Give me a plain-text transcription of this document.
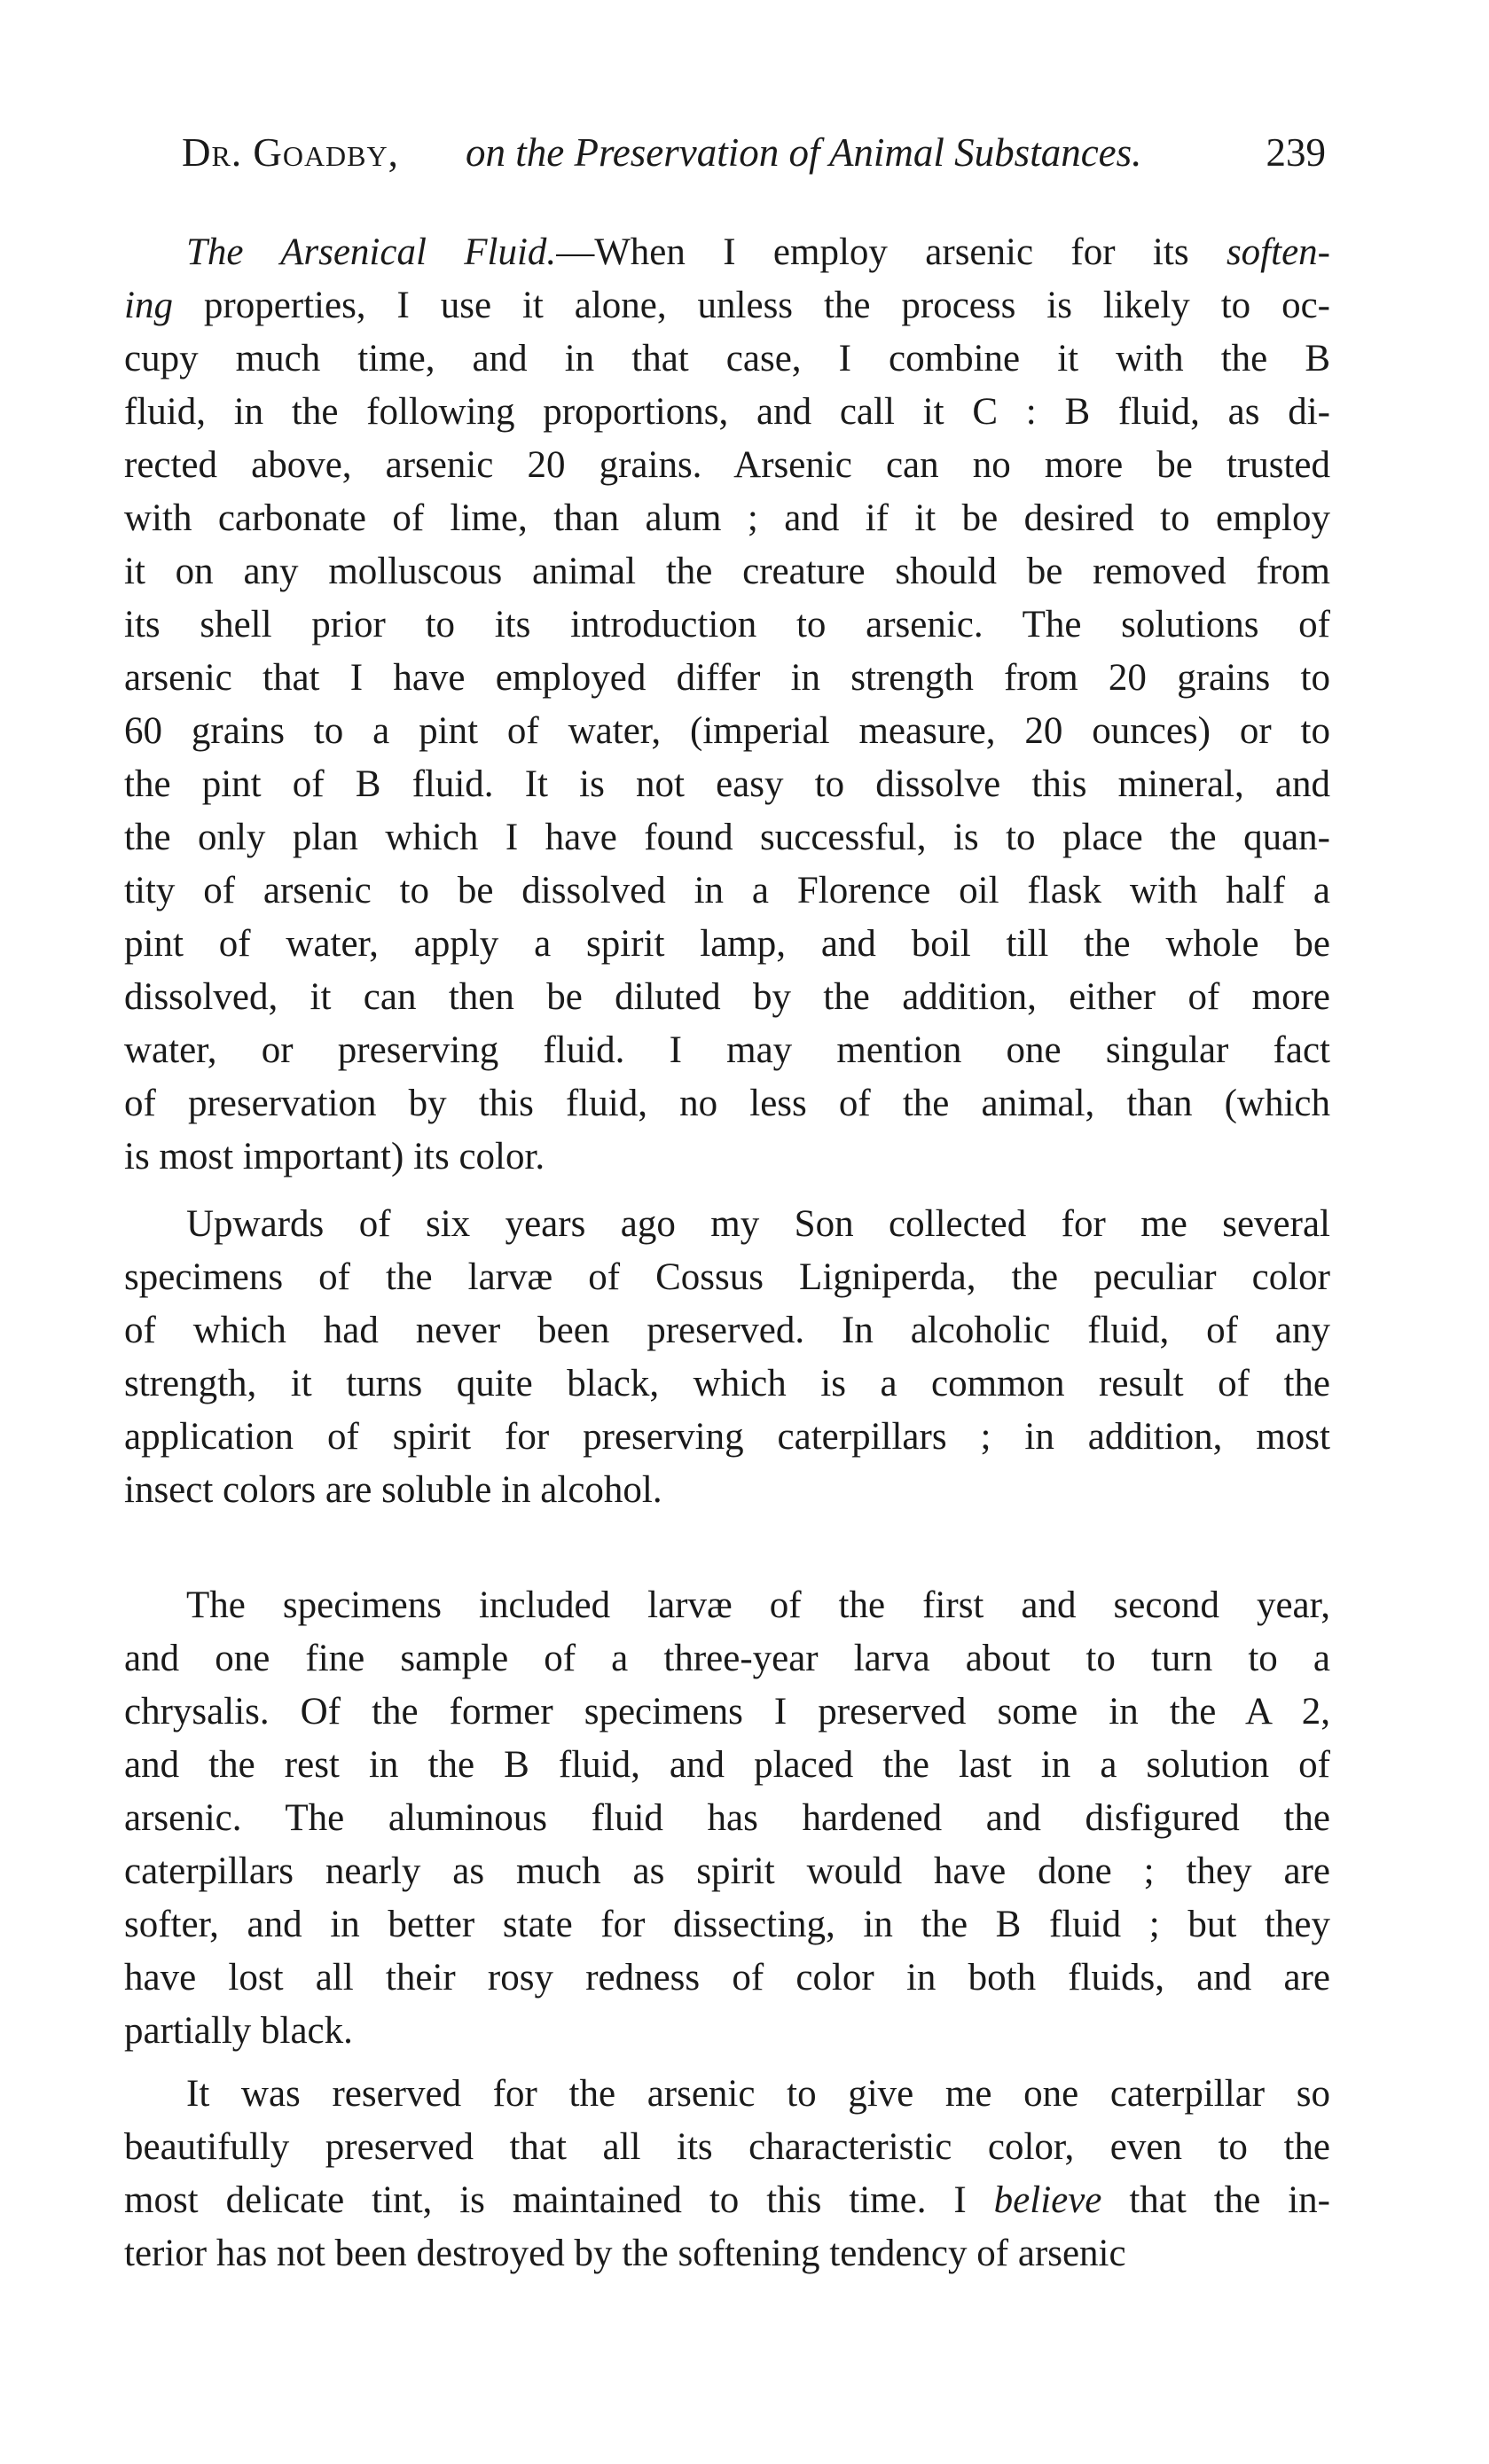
Dr. Goadby, on the Preservation of Animal Substances.	239
The Arsenical Fluid.—When I employ arsenic for its soften-
ing properties, I use it alone, unless the process is likely to oc-
cupy much time, and in that case, I combine it with the B
fluid, in the following proportions, and call it C : B fluid, as di-
rected above, arsenic 20 grains. Arsenic can no more be trusted
with carbonate of lime, than alum ; and if it be desired to employ
it on any molluscous animal the creature should be removed from
its shell prior to its introduction to arsenic. The solutions of
arsenic that I have employed differ in strength from 20 grains to
60 grains to a pint of water, (imperial measure, 20 ounces) or to
the pint of B fluid. It is not easy to dissolve this mineral, and
the only plan which I have found successful, is to place the quan-
tity of arsenic to be dissolved in a Florence oil flask with half a
pint of water, apply a spirit lamp, and boil till the whole be
dissolved, it can then be diluted by the addition, either of more
water, or preserving fluid. I may mention one singular fact
of preservation by this fluid, no less of the animal, than (which
is most important) its color.
Upwards of six years ago my Son collected for me several
specimens of the larvæ of Cossus Ligniperda, the peculiar color
of which had never been preserved. In alcoholic fluid, of any
strength, it turns quite black, which is a common result of the
application of spirit for preserving caterpillars ; in addition, most
insect colors are soluble in alcohol.
The specimens included larvæ of the first and second year,
and one fine sample of a three-year larva about to turn to a
chrysalis. Of the former specimens I preserved some in the A 2,
and the rest in the B fluid, and placed the last in a solution of
arsenic. The aluminous fluid has hardened and disfigured the
caterpillars nearly as much as spirit would have done ; they are
softer, and in better state for dissecting, in the B fluid ; but they
have lost all their rosy redness of color in both fluids, and are
partially black.
It was reserved for the arsenic to give me one caterpillar so
beautifully preserved that all its characteristic color, even to the
most delicate tint, is maintained to this time. I believe that the in-
terior has not been destroyed by the softening tendency of arsenic
